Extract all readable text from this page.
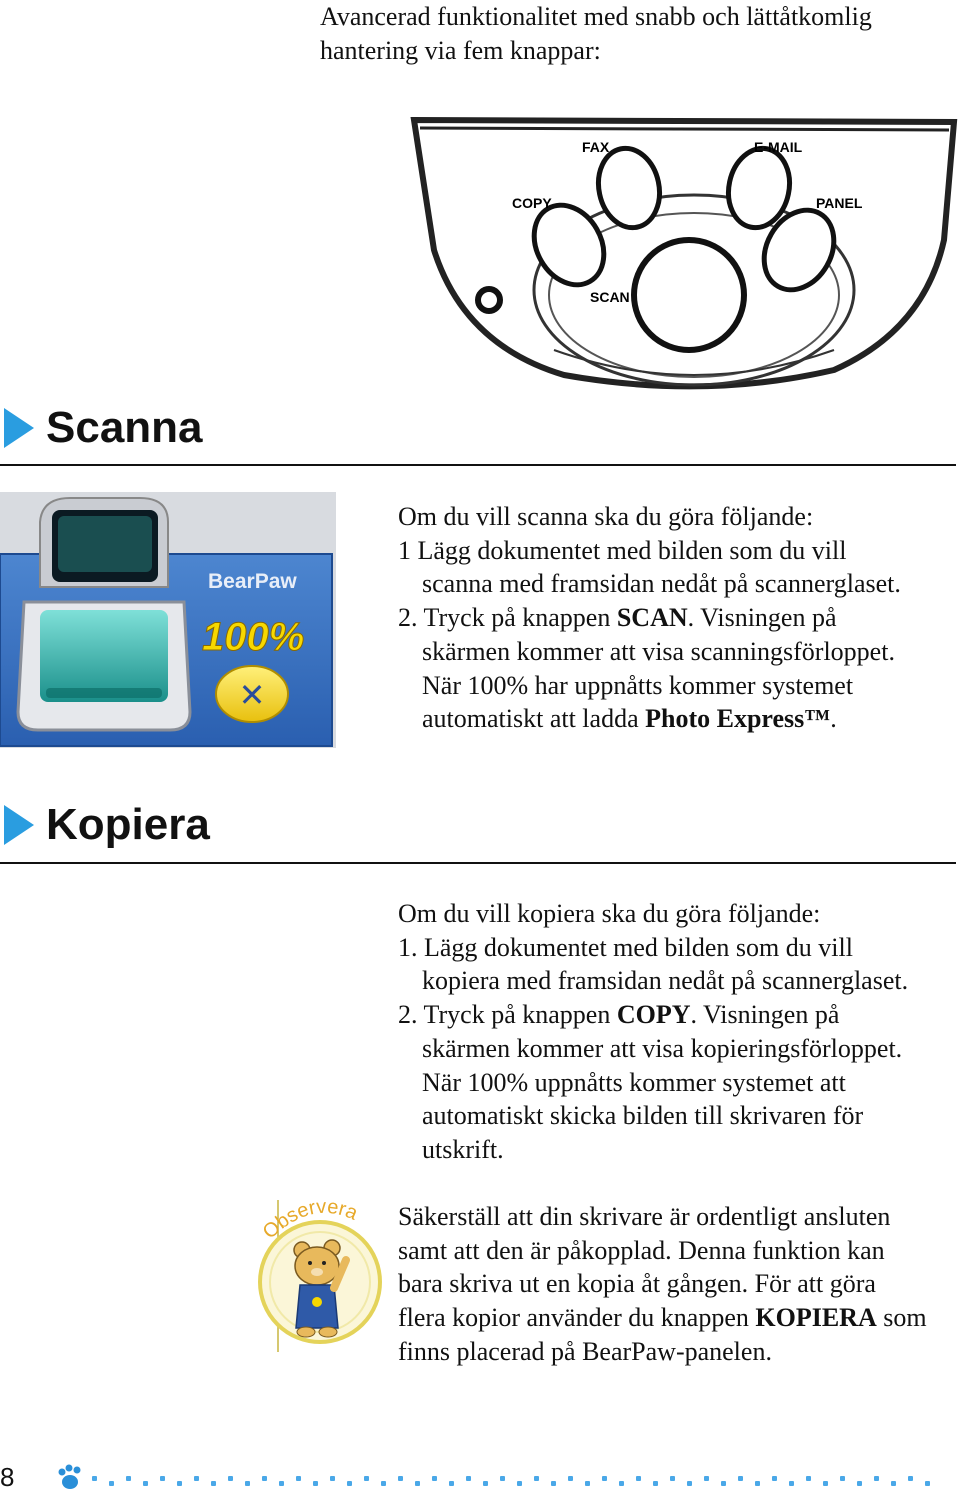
Avancerad funktionalitet med snabb och lättåtkomlig
hantering via fem knappar:
FAX	E-MAIL
COPY	PANEL
SCAN
Scanna
BearPaw
100%
✕
Om du vill scanna ska du göra följande:
1 Lägg dokumentet med bilden som du vill
scanna med framsidan nedåt på scannerglaset.
2. Tryck på knappen SCAN. Visningen på
skärmen kommer att visa scanningsförloppet.
När 100% har uppnåtts kommer systemet
automatiskt att ladda Photo Express™.
Kopiera
Om du vill kopiera ska du göra följande:
1. Lägg dokumentet med bilden som du vill
kopiera med framsidan nedåt på scannerglaset.
2. Tryck på knappen COPY. Visningen på
skärmen kommer att visa kopieringsförloppet.
När 100% uppnåtts kommer systemet att
automatiskt skicka bilden till skrivaren för
utskrift.
Observera Säkerställ att din skrivare är ordentligt ansluten
samt att den är påkopplad. Denna funktion kan
bara skriva ut en kopia åt gången. För att göra
flera kopior använder du knappen KOPIERA som
finns placerad på BearPaw-panelen.
8
